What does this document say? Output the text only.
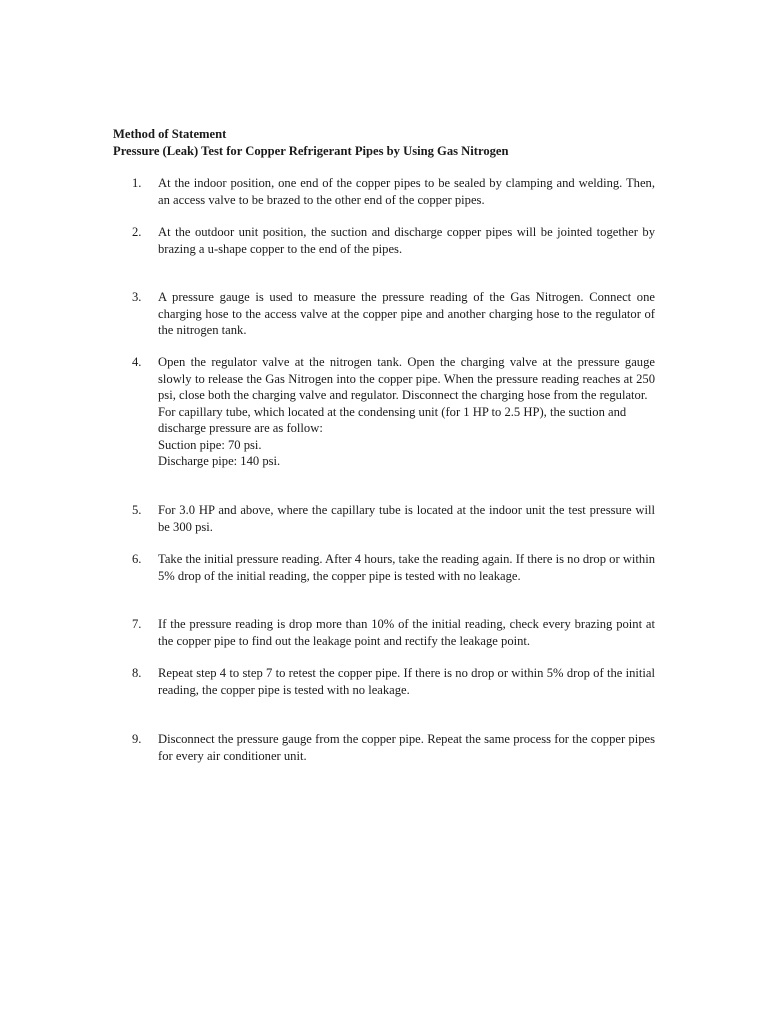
Method of Statement
Pressure (Leak) Test for Copper Refrigerant Pipes by Using Gas Nitrogen
1.	At the indoor position, one end of the copper pipes to be sealed by clamping and welding. Then, an access valve to be brazed to the other end of the copper pipes.

2.	At the outdoor unit position, the suction and discharge copper pipes will be jointed together by brazing a u-shape copper to the end of the pipes.

3.	A pressure gauge is used to measure the pressure reading of the Gas Nitrogen. Connect one charging hose to the access valve at the copper pipe and another charging hose to the regulator of the nitrogen tank.

4.	Open the regulator valve at the nitrogen tank. Open the charging valve at the pressure gauge slowly to release the Gas Nitrogen into the copper pipe. When the pressure reading reaches at 250 psi, close both the charging valve and regulator. Disconnect the charging hose from the regulator.

For capillary tube, which located at the condensing unit (for 1 HP to 2.5 HP), the suction and discharge pressure are as follow:
Suction pipe: 70 psi.
Discharge pipe: 140 psi.
5.	For 3.0 HP and above, where the capillary tube is located at the indoor unit the test pressure will be 300 psi.

6.	Take the initial pressure reading. After 4 hours, take the reading again. If there is no drop or within 5% drop of the initial reading, the copper pipe is tested with no leakage.

7.	If the pressure reading is drop more than 10% of the initial reading, check every brazing point at the copper pipe to find out the leakage point and rectify the leakage point.

8.	Repeat step 4 to step 7 to retest the copper pipe. If there is no drop or within 5% drop of the initial reading, the copper pipe is tested with no leakage.

9.	Disconnect the pressure gauge from the copper pipe. Repeat the same process for the copper pipes for every air conditioner unit.
